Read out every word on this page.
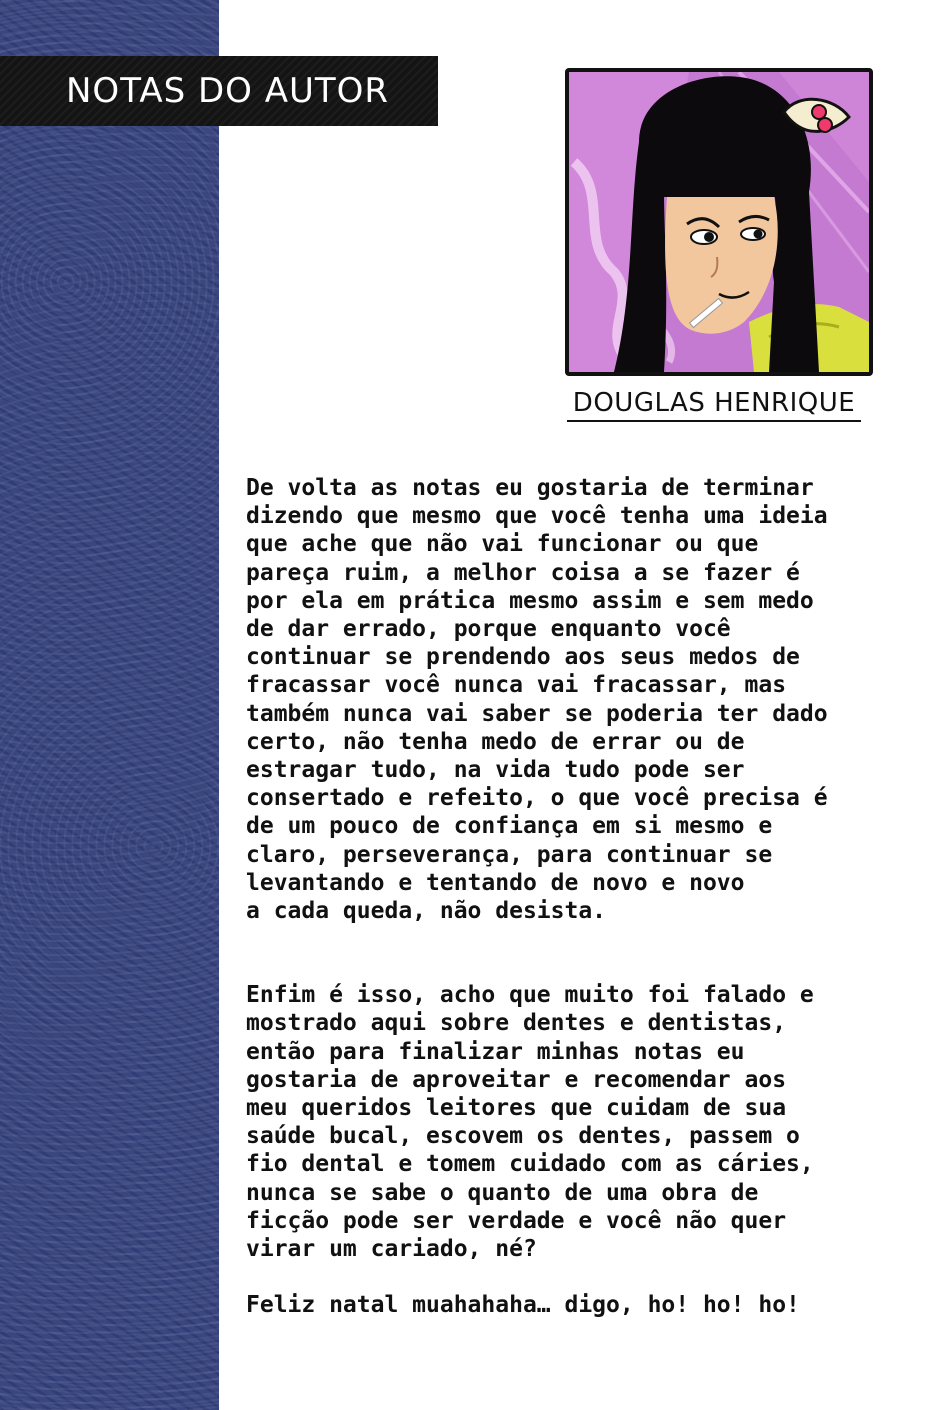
NOTAS DO AUTOR
DOUGLAS HENRIQUE

De volta as notas eu gostaria de terminar
dizendo que mesmo que você tenha uma ideia
que ache que não vai funcionar ou que
pareça ruim, a melhor coisa a se fazer é
por ela em prática mesmo assim e sem medo
de dar errado, porque enquanto você
continuar se prendendo aos seus medos de
fracassar você nunca vai fracassar, mas
também nunca vai saber se poderia ter dado
certo, não tenha medo de errar ou de
estragar tudo, na vida tudo pode ser
consertado e refeito, o que você precisa é
de um pouco de confiança em si mesmo e
claro, perseverança, para continuar se
levantando e tentando de novo e novo
a cada queda, não desista.

Enfim é isso, acho que muito foi falado e
mostrado aqui sobre dentes e dentistas,
então para finalizar minhas notas eu
gostaria de aproveitar e recomendar aos
meu queridos leitores que cuidam de sua
saúde bucal, escovem os dentes, passem o
fio dental e tomem cuidado com as cáries,
nunca se sabe o quanto de uma obra de
ficção pode ser verdade e você não quer
virar um cariado, né?

Feliz natal muahahaha… digo, ho! ho! ho!
